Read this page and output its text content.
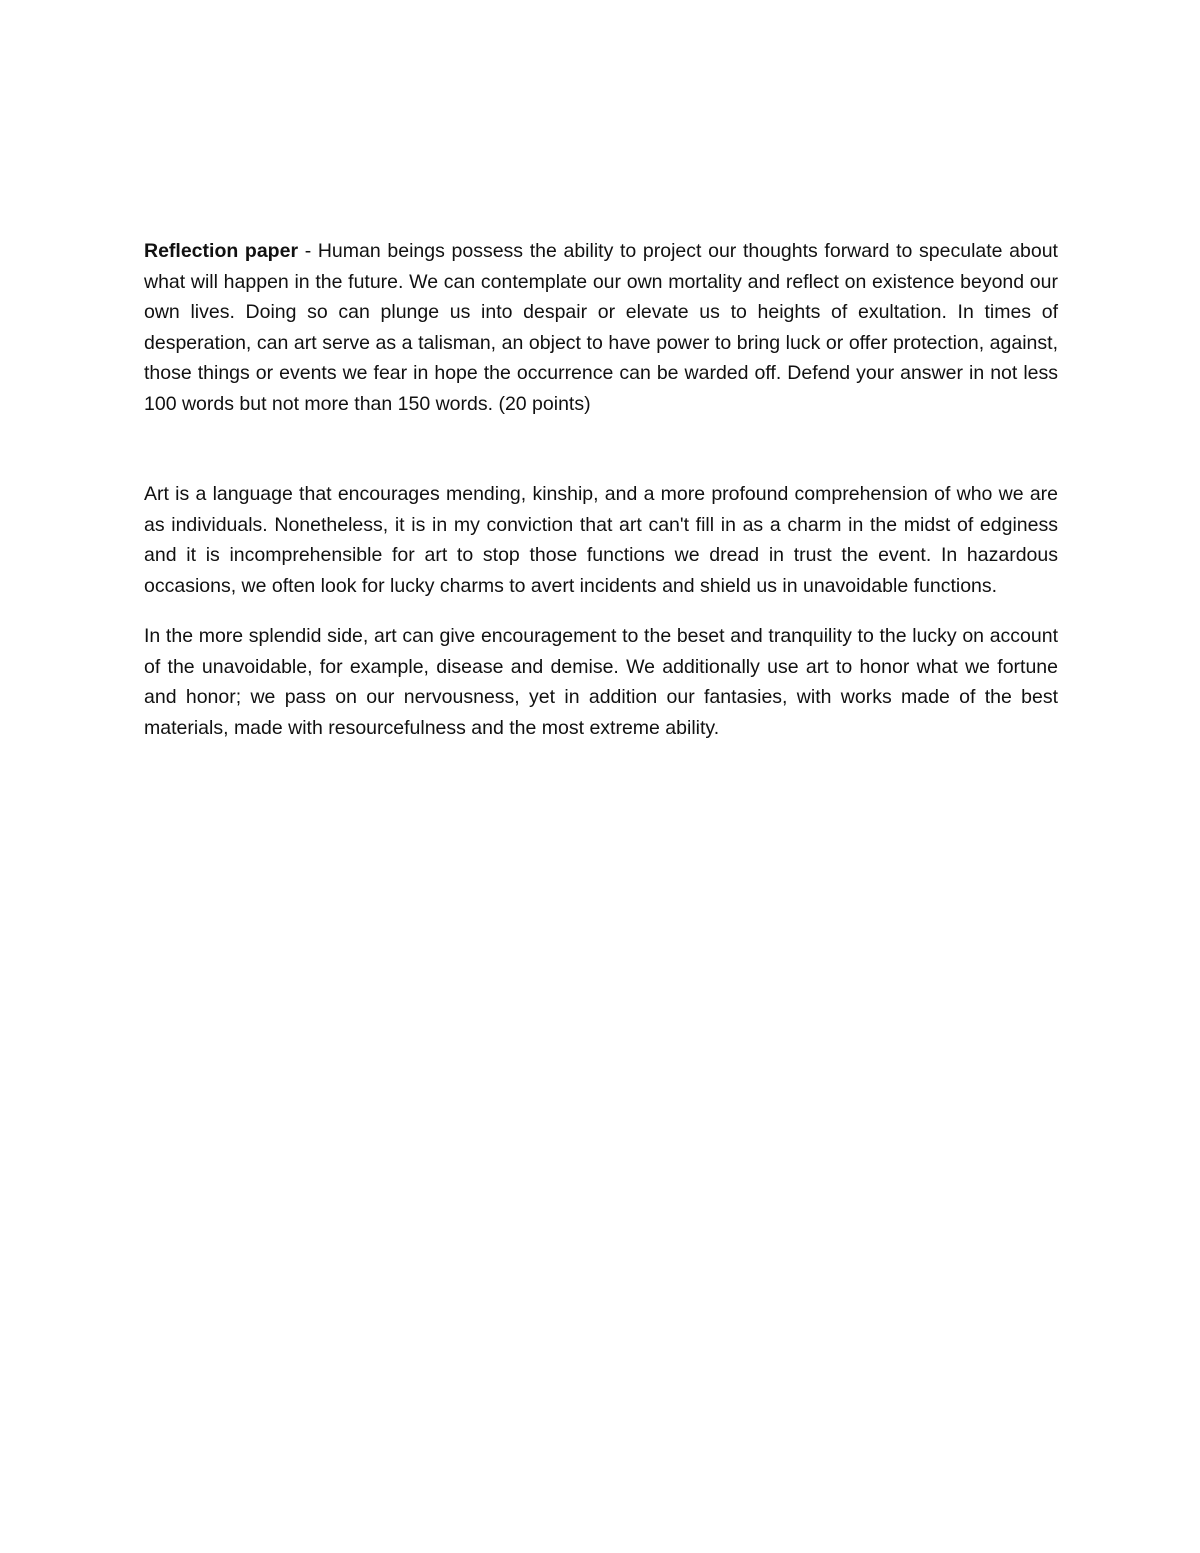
Reflection paper - Human beings possess the ability to project our thoughts forward to speculate about what will happen in the future. We can contemplate our own mortality and reflect on existence beyond our own lives. Doing so can plunge us into despair or elevate us to heights of exultation. In times of desperation, can art serve as a talisman, an object to have power to bring luck or offer protection, against, those things or events we fear in hope the occurrence can be warded off. Defend your answer in not less 100 words but not more than 150 words. (20 points)

Art is a language that encourages mending, kinship, and a more profound comprehension of who we are as individuals. Nonetheless, it is in my conviction that art can't fill in as a charm in the midst of edginess and it is incomprehensible for art to stop those functions we dread in trust the event. In hazardous occasions, we often look for lucky charms to avert incidents and shield us in unavoidable functions.

In the more splendid side, art can give encouragement to the beset and tranquility to the lucky on account of the unavoidable, for example, disease and demise. We additionally use art to honor what we fortune and honor; we pass on our nervousness, yet in addition our fantasies, with works made of the best materials, made with resourcefulness and the most extreme ability.
